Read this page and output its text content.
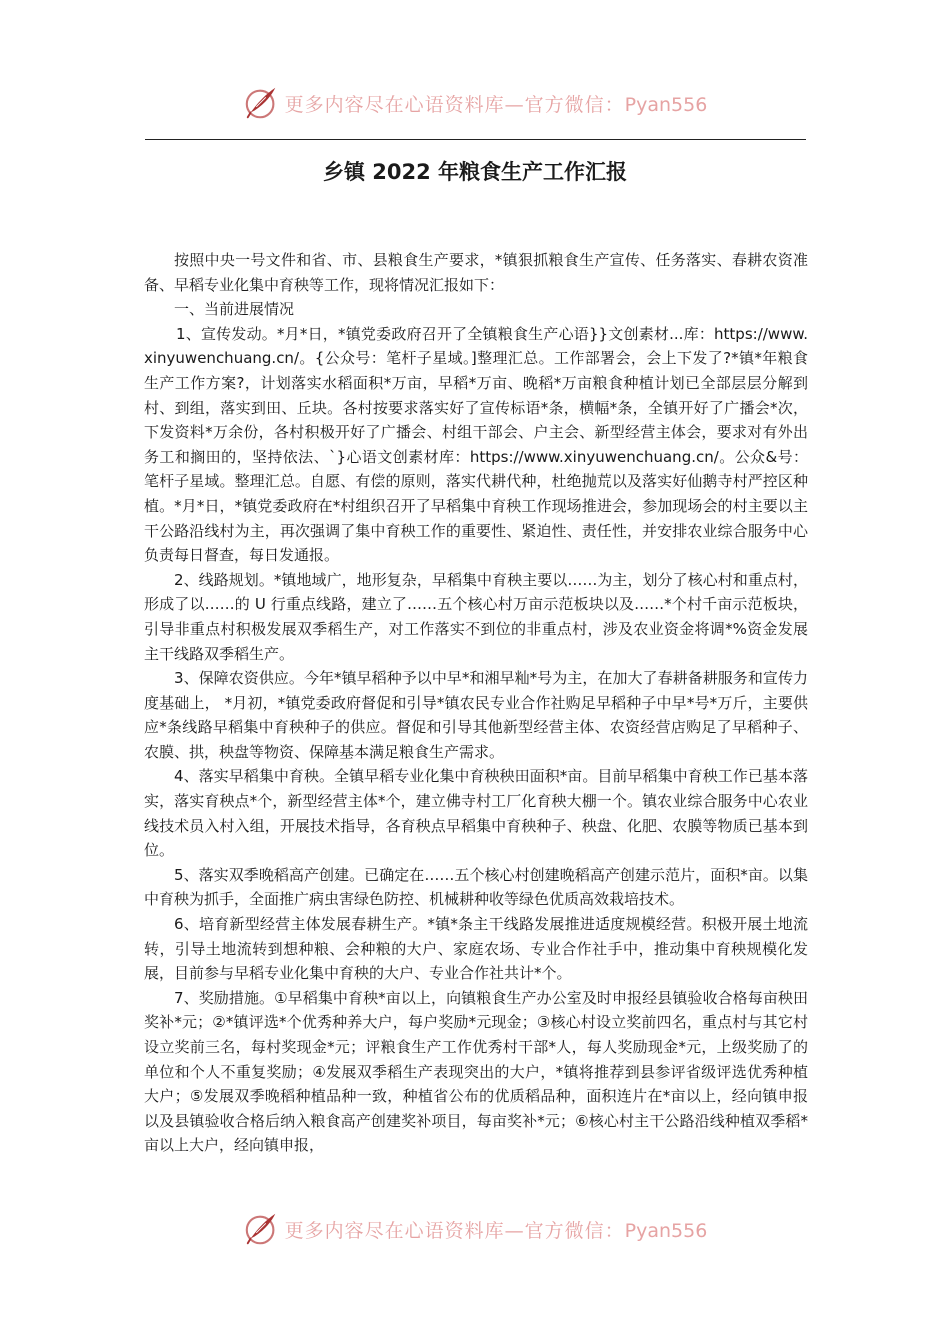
更多内容尽在心语资料库—官方微信：Pyan556
乡镇 2022 年粮食生产工作汇报

按照中央一号文件和省、市、县粮食生产要求，*镇狠抓粮食生产宣传、任务落实、春耕农资准备、早稻专业化集中育秧等工作，现将情况汇报如下：

一、当前进展情况

1、宣传发动。*月*日，*镇党委政府召开了全镇粮食生产心语}}文创素材...库：https://www.xinyuwenchuang.cn/。{公众号：笔杆子星域。]整理汇总。工作部署会，会上下发了?*镇*年粮食生产工作方案?，计划落实水稻面积*万亩，早稻*万亩、晚稻*万亩粮食种植计划已全部层层分解到村、到组，落实到田、丘块。各村按要求落实好了宣传标语*条，横幅*条，全镇开好了广播会*次，下发资料*万余份，各村积极开好了广播会、村组干部会、户主会、新型经营主体会，要求对有外出务工和搁田的，坚持依法、`}心语文创素材库：https://www.xinyuwenchuang.cn/。公众&号：笔杆子星域。整理汇总。自愿、有偿的原则，落实代耕代种，杜绝抛荒以及落实好仙鹅寺村严控区种植。*月*日，*镇党委政府在*村组织召开了早稻集中育秧工作现场推进会，参加现场会的村主要以主干公路沿线村为主，再次强调了集中育秧工作的重要性、紧迫性、责任性，并安排农业综合服务中心负责每日督查，每日发通报。

2、线路规划。*镇地域广，地形复杂，早稻集中育秧主要以……为主，划分了核心村和重点村，形成了以……的 U 行重点线路，建立了……五个核心村万亩示范板块以及……*个村千亩示范板块，引导非重点村积极发展双季稻生产，对工作落实不到位的非重点村，涉及农业资金将调*%资金发展主干线路双季稻生产。

3、保障农资供应。今年*镇早稻种予以中早*和湘早籼*号为主，在加大了春耕备耕服务和宣传力度基础上， *月初，*镇党委政府督促和引导*镇农民专业合作社购足早稻种子中早*号*万斤，主要供应*条线路早稻集中育秧种子的供应。督促和引导其他新型经营主体、农资经营店购足了早稻种子、农膜、拱，秧盘等物资、保障基本满足粮食生产需求。

4、落实早稻集中育秧。全镇早稻专业化集中育秧秧田面积*亩。目前早稻集中育秧工作已基本落实，落实育秧点*个，新型经营主体*个，建立佛寺村工厂化育秧大棚一个。镇农业综合服务中心农业线技术员入村入组，开展技术指导，各育秧点早稻集中育秧种子、秧盘、化肥、农膜等物质已基本到位。

5、落实双季晚稻高产创建。已确定在……五个核心村创建晚稻高产创建示范片，面积*亩。以集中育秧为抓手，全面推广病虫害绿色防控、机械耕种收等绿色优质高效栽培技术。

6、培育新型经营主体发展春耕生产。*镇*条主干线路发展推进适度规模经营。积极开展土地流转，引导土地流转到想种粮、会种粮的大户、家庭农场、专业合作社手中，推动集中育秧规模化发展，目前参与早稻专业化集中育秧的大户、专业合作社共计*个。

7、奖励措施。①早稻集中育秧*亩以上，向镇粮食生产办公室及时申报经县镇验收合格每亩秧田奖补*元；②*镇评选*个优秀种养大户，每户奖励*元现金；③核心村设立奖前四名，重点村与其它村设立奖前三名，每村奖现金*元；评粮食生产工作优秀村干部*人，每人奖励现金*元，上级奖励了的单位和个人不重复奖励；④发展双季稻生产表现突出的大户，*镇将推荐到县参评省级评选优秀种植大户；⑤发展双季晚稻种植品种一致，种植省公布的优质稻品种，面积连片在*亩以上，经向镇申报以及县镇验收合格后纳入粮食高产创建奖补项目，每亩奖补*元；⑥核心村主干公路沿线种植双季稻*亩以上大户，经向镇申报，

更多内容尽在心语资料库—官方微信：Pyan556
